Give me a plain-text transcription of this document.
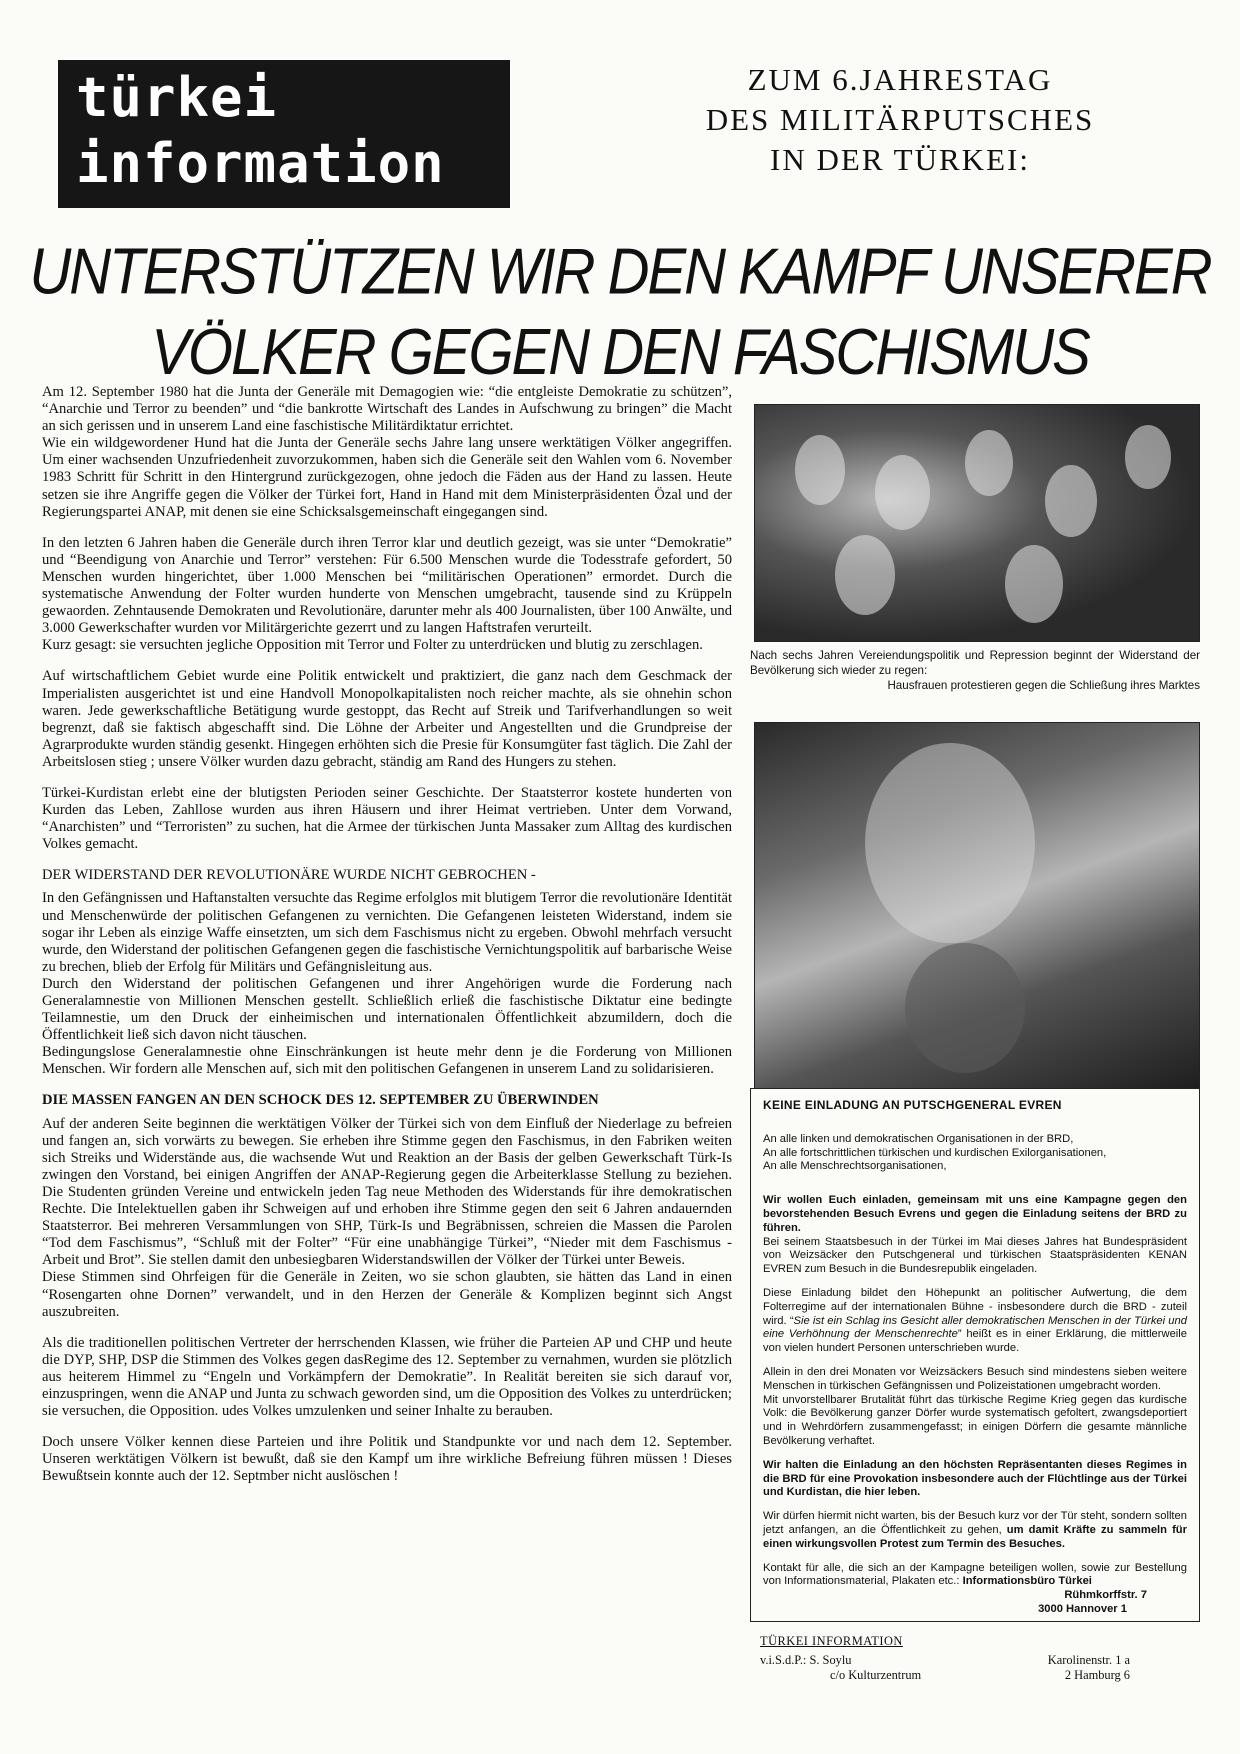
türkei
information
ZUM 6.JAHRESTAG
DES MILITÄRPUTSCHES
IN DER TÜRKEI:
UNTERSTÜTZEN WIR DEN KAMPF UNSERER
VÖLKER GEGEN DEN FASCHISMUS

Am 12. September 1980 hat die Junta der Generäle mit Demagogien wie: “die entgleiste Demokratie zu schützen”, “Anarchie und Terror zu beenden” und “die bankrotte Wirtschaft des Landes in Aufschwung zu bringen” die Macht an sich gerissen und in unserem Land eine faschistische Militärdiktatur errichtet.

Wie ein wildgewordener Hund hat die Junta der Generäle sechs Jahre lang unsere werktätigen Völker angegriffen. Um einer wachsenden Unzufriedenheit zuvorzukommen, haben sich die Generäle seit den Wahlen vom 6. November 1983 Schritt für Schritt in den Hintergrund zurückgezogen, ohne jedoch die Fäden aus der Hand zu lassen. Heute setzen sie ihre Angriffe gegen die Völker der Türkei fort, Hand in Hand mit dem Ministerpräsidenten Özal und der Regierungspartei ANAP, mit denen sie eine Schicksalsgemeinschaft eingegangen sind.

In den letzten 6 Jahren haben die Generäle durch ihren Terror klar und deutlich gezeigt, was sie unter “Demokratie” und “Beendigung von Anarchie und Terror” verstehen: Für 6.500 Menschen wurde die Todesstrafe gefordert, 50 Menschen wurden hingerichtet, über 1.000 Menschen bei “militärischen Operationen” ermordet. Durch die systematische Anwendung der Folter wurden hunderte von Menschen umgebracht, tausende sind zu Krüppeln gewaorden. Zehntausende Demokraten und Revolutionäre, darunter mehr als 400 Journalisten, über 100 Anwälte, und 3.000 Gewerkschafter wurden vor Militärgerichte gezerrt und zu langen Haftstrafen verurteilt.

Kurz gesagt: sie versuchten jegliche Opposition mit Terror und Folter zu unterdrücken und blutig zu zerschlagen.

Auf wirtschaftlichem Gebiet wurde eine Politik entwickelt und praktiziert, die ganz nach dem Geschmack der Imperialisten ausgerichtet ist und eine Handvoll Monopolkapitalisten noch reicher machte, als sie ohnehin schon waren. Jede gewerkschaftliche Betätigung wurde gestoppt, das Recht auf Streik und Tarifverhandlungen so weit begrenzt, daß sie faktisch abgeschafft sind. Die Löhne der Arbeiter und Angestellten und die Grundpreise der Agrarprodukte wurden ständig gesenkt. Hingegen erhöhten sich die Presie für Konsumgüter fast täglich. Die Zahl der Arbeitslosen stieg ; unsere Völker wurden dazu gebracht, ständig am Rand des Hungers zu stehen.

Türkei-Kurdistan erlebt eine der blutigsten Perioden seiner Geschichte. Der Staatsterror kostete hunderten von Kurden das Leben, Zahllose wurden aus ihren Häusern und ihrer Heimat vertrieben. Unter dem Vorwand, “Anarchisten” und “Terroristen” zu suchen, hat die Armee der türkischen Junta Massaker zum Alltag des kurdischen Volkes gemacht.

DER WIDERSTAND DER REVOLUTIONÄRE WURDE NICHT GEBROCHEN -

In den Gefängnissen und Haftanstalten versuchte das Regime erfolglos mit blutigem Terror die revolutionäre Identität und Menschenwürde der politischen Gefangenen zu vernichten. Die Gefangenen leisteten Widerstand, indem sie sogar ihr Leben als einzige Waffe einsetzten, um sich dem Faschismus nicht zu ergeben. Obwohl mehrfach versucht wurde, den Widerstand der politischen Gefangenen gegen die faschistische Vernichtungspolitik auf barbarische Weise zu brechen, blieb der Erfolg für Militärs und Gefängnisleitung aus.

Durch den Widerstand der politischen Gefangenen und ihrer Angehörigen wurde die Forderung nach Generalamnestie von Millionen Menschen gestellt. Schließlich erließ die faschistische Diktatur eine bedingte Teilamnestie, um den Druck der einheimischen und internationalen Öffentlichkeit abzumildern, doch die Öffentlichkeit ließ sich davon nicht täuschen.

Bedingungslose Generalamnestie ohne Einschränkungen ist heute mehr denn je die Forderung von Millionen Menschen. Wir fordern alle Menschen auf, sich mit den politischen Gefangenen in unserem Land zu solidarisieren.

DIE MASSEN FANGEN AN DEN SCHOCK DES 12. SEPTEMBER ZU ÜBERWINDEN

Auf der anderen Seite beginnen die werktätigen Völker der Türkei sich von dem Einfluß der Niederlage zu befreien und fangen an, sich vorwärts zu bewegen. Sie erheben ihre Stimme gegen den Faschismus, in den Fabriken weiten sich Streiks und Widerstände aus, die wachsende Wut und Reaktion an der Basis der gelben Gewerkschaft Türk-Is zwingen den Vorstand, bei einigen Angriffen der ANAP-Regierung gegen die Arbeiterklasse Stellung zu beziehen. Die Studenten gründen Vereine und entwickeln jeden Tag neue Methoden des Widerstands für ihre demokratischen Rechte. Die Intelektuellen gaben ihr Schweigen auf und erhoben ihre Stimme gegen den seit 6 Jahren andauernden Staatsterror. Bei mehreren Versammlungen von SHP, Türk-Is und Begräbnissen, schreien die Massen die Parolen “Tod dem Faschismus”, “Schluß mit der Folter” “Für eine unabhängige Türkei”, “Nieder mit dem Faschismus - Arbeit und Brot”. Sie stellen damit den unbesiegbaren Widerstandswillen der Völker der Türkei unter Beweis.

Diese Stimmen sind Ohrfeigen für die Generäle in Zeiten, wo sie schon glaubten, sie hätten das Land in einen “Rosengarten ohne Dornen” verwandelt, und in den Herzen der Generäle & Komplizen beginnt sich Angst auszubreiten.

Als die traditionellen politischen Vertreter der herrschenden Klassen, wie früher die Parteien AP und CHP und heute die DYP, SHP, DSP die Stimmen des Volkes gegen dasRegime des 12. September zu vernahmen, wurden sie plötzlich aus heiterem Himmel zu “Engeln und Vorkämpfern der Demokratie”. In Realität bereiten sie sich darauf vor, einzuspringen, wenn die ANAP und Junta zu schwach geworden sind, um die Opposition des Volkes zu unterdrücken; sie versuchen, die Opposition. udes Volkes umzulenken und seiner Inhalte zu berauben.

Doch unsere Völker kennen diese Parteien und ihre Politik und Standpunkte vor und nach dem 12. September. Unseren werktätigen Völkern ist bewußt, daß sie den Kampf um ihre wirkliche Befreiung führen müssen ! Dieses Bewußtsein konnte auch der 12. Septmber nicht auslöschen !

Nach sechs Jahren Vereiendungspolitik und Repression beginnt der Widerstand der Bevölkerung sich wieder zu regen:
Hausfrauen protestieren gegen die Schließung ihres Marktes
KEINE EINLADUNG AN PUTSCHGENERAL EVREN

An alle linken und demokratischen Organisationen in der BRD,

An alle fortschrittlichen türkischen und kurdischen Exilorganisationen,

An alle Menschrechtsorganisationen,

Wir wollen Euch einladen, gemeinsam mit uns eine Kampagne gegen den bevorstehenden Besuch Evrens und gegen die Einladung seitens der BRD zu führen.

Bei seinem Staatsbesuch in der Türkei im Mai dieses Jahres hat Bundespräsident von Weizsäcker den Putschgeneral und türkischen Staatspräsidenten KENAN EVREN zum Besuch in die Bundesrepublik eingeladen.

Diese Einladung bildet den Höhepunkt an politischer Aufwertung, die dem Folterregime auf der internationalen Bühne - insbesondere durch die BRD - zuteil wird. “Sie ist ein Schlag ins Gesicht aller demokratischen Menschen in der Türkei und eine Verhöhnung der Menschenrechte” heißt es in einer Erklärung, die mittlerweile von vielen hundert Personen unterschrieben wurde.

Allein in den drei Monaten vor Weizsäckers Besuch sind mindestens sieben weitere Menschen in türkischen Gefängnissen und Polizeistationen umgebracht worden.

Mit unvorstellbarer Brutalität führt das türkische Regime Krieg gegen das kurdische Volk: die Bevölkerung ganzer Dörfer wurde systematisch gefoltert, zwangsdeportiert und in Wehrdörfern zusammengefasst; in einigen Dörfern die gesamte männliche Bevölkerung verhaftet.

Wir halten die Einladung an den höchsten Repräsentanten dieses Regimes in die BRD für eine Provokation insbesondere auch der Flüchtlinge aus der Türkei und Kurdistan, die hier leben.

Wir dürfen hiermit nicht warten, bis der Besuch kurz vor der Tür steht, sondern sollten jetzt anfangen, an die Öffentlichkeit zu gehen, um damit Kräfte zu sammeln für einen wirkungsvollen Protest zum Termin des Besuches.

Kontakt für alle, die sich an der Kampagne beteiligen wollen, sowie zur Bestellung von Informationsmaterial, Plakaten etc.: Informationsbüro Türkei

Rühmkorffstr. 7

3000 Hannover 1

TÜRKEI INFORMATION
v.i.S.d.P.: S. Soylu	Karolinenstr. 1 a
c/o Kulturzentrum	2 Hamburg 6
